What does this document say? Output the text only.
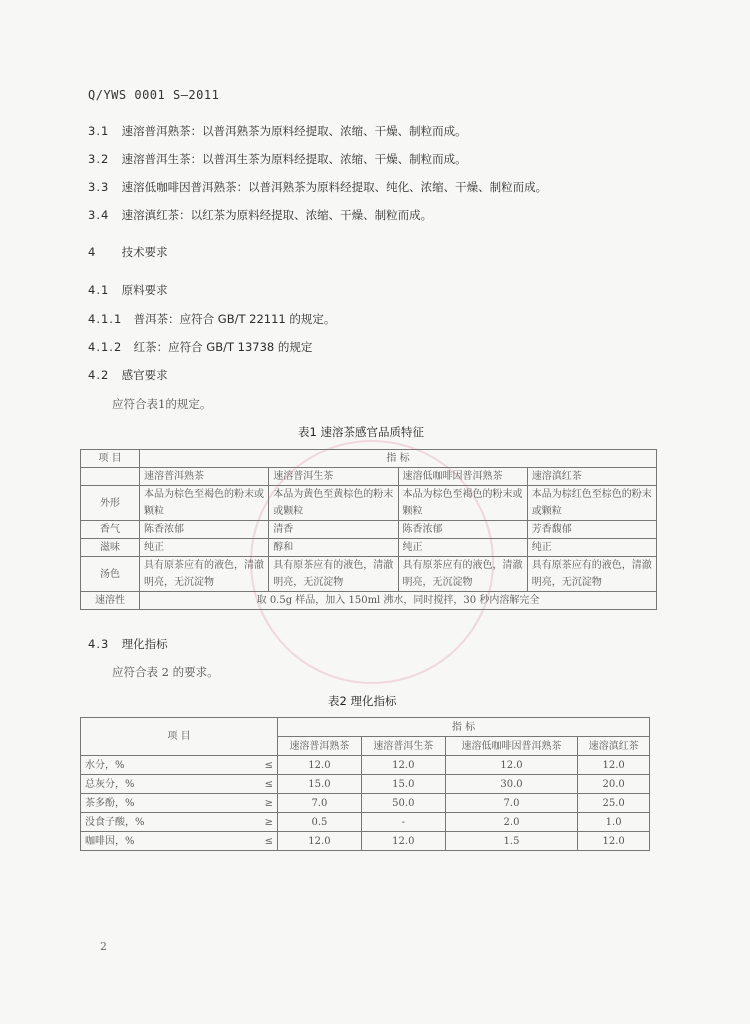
Q/YWS 0001 S—2011
3.1 速溶普洱熟茶：以普洱熟茶为原料经提取、浓缩、干燥、制粒而成。
3.2 速溶普洱生茶：以普洱生茶为原料经提取、浓缩、干燥、制粒而成。
3.3 速溶低咖啡因普洱熟茶：以普洱熟茶为原料经提取、纯化、浓缩、干燥、制粒而成。
3.4 速溶滇红茶：以红茶为原料经提取、浓缩、干燥、制粒而成。
4 技术要求
4.1 原料要求
4.1.1 普洱茶：应符合 GB/T 22111 的规定。
4.1.2 红茶：应符合 GB/T 13738 的规定
4.2 感官要求
应符合表1的规定。
表1 速溶茶感官品质特征
项 目	指 标			
	速溶普洱熟茶	速溶普洱生茶	速溶低咖啡因普洱熟茶	速溶滇红茶
外形	本品为棕色至褐色的粉末或颗粒	本品为黄色至黄棕色的粉末或颗粒	本品为棕色至褐色的粉末或颗粒	本品为棕红色至棕色的粉末或颗粒
香气	陈香浓郁	清香	陈香浓郁	芳香馥郁
滋味	纯正	醇和	纯正	纯正
汤色	具有原茶应有的液色，清澈明亮，无沉淀物	具有原茶应有的液色，清澈明亮，无沉淀物	具有原茶应有的液色，清澈明亮，无沉淀物	具有原茶应有的液色，清澈明亮，无沉淀物
速溶性	取 0.5g 样品，加入 150ml 沸水，同时搅拌，30 秒内溶解完全			
4.3 理化指标
应符合表 2 的要求。
表2 理化指标
项 目		指 标			
		速溶普洱熟茶	速溶普洱生茶	速溶低咖啡因普洱熟茶	速溶滇红茶
水分，%	≤	12.0	12.0	12.0	12.0
总灰分，%	≤	15.0	15.0	30.0	20.0
茶多酚，%	≥	7.0	50.0	7.0	25.0
没食子酸，%	≥	0.5	-	2.0	1.0
咖啡因，%	≤	12.0	12.0	1.5	12.0
2
